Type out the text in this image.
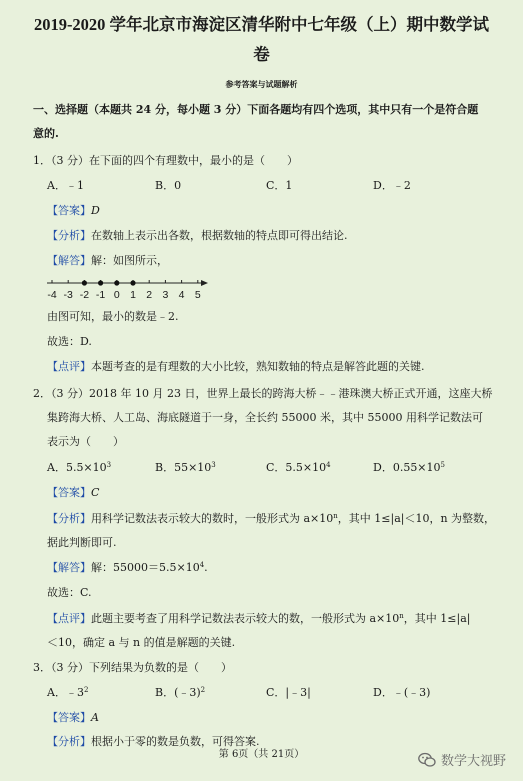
2019-2020 学年北京市海淀区清华附中七年级（上）期中数学试
卷
参考答案与试题解析
一、选择题（本题共 24 分，每小题 3 分）下面各题均有四个选项，其中只有一个是符合题
意的.
1．（3 分）在下面的四个有理数中，最小的是（　　）
A．﹣1	B．0	C．1	D．﹣2
【答案】D
【分析】在数轴上表示出各数，根据数轴的特点即可得出结论.
【解答】解：如图所示，
-4 -3 -2 -1 0 1 2 3 4 5
由图可知，最小的数是﹣2.
故选：D.
【点评】本题考查的是有理数的大小比较，熟知数轴的特点是解答此题的关键.
2．（3 分）2018 年 10 月 23 日，世界上最长的跨海大桥﹣﹣港珠澳大桥正式开通，这座大桥
集跨海大桥、人工岛、海底隧道于一身，全长约 55000 米，其中 55000 用科学记数法可
表示为（　　）
A．$5.5\times 10^3$	B．$55\times 10^3$	C．$5.5\times 10^4$	D．$0.55\times 10^5$
【答案】C
【分析】用科学记数法表示较大的数时，一般形式为 $a\times 10^n$，其中 1≤|a|＜10，n 为整数，
据此判断即可.
【解答】解：$55000=5.5\times 10^4$.
故选：C.
【点评】此题主要考查了用科学记数法表示较大的数，一般形式为 $a\times 10^n$，其中 1≤|a|
＜10，确定 a 与 n 的值是解题的关键.
3．（3 分）下列结果为负数的是（　　）
A．$﹣3^2$	B．(﹣3)$^2$	C．|﹣3|	D．﹣(﹣3)
【答案】A
【分析】根据小于零的数是负数，可得答案.
第 6页（共 21页）	数学大视野
